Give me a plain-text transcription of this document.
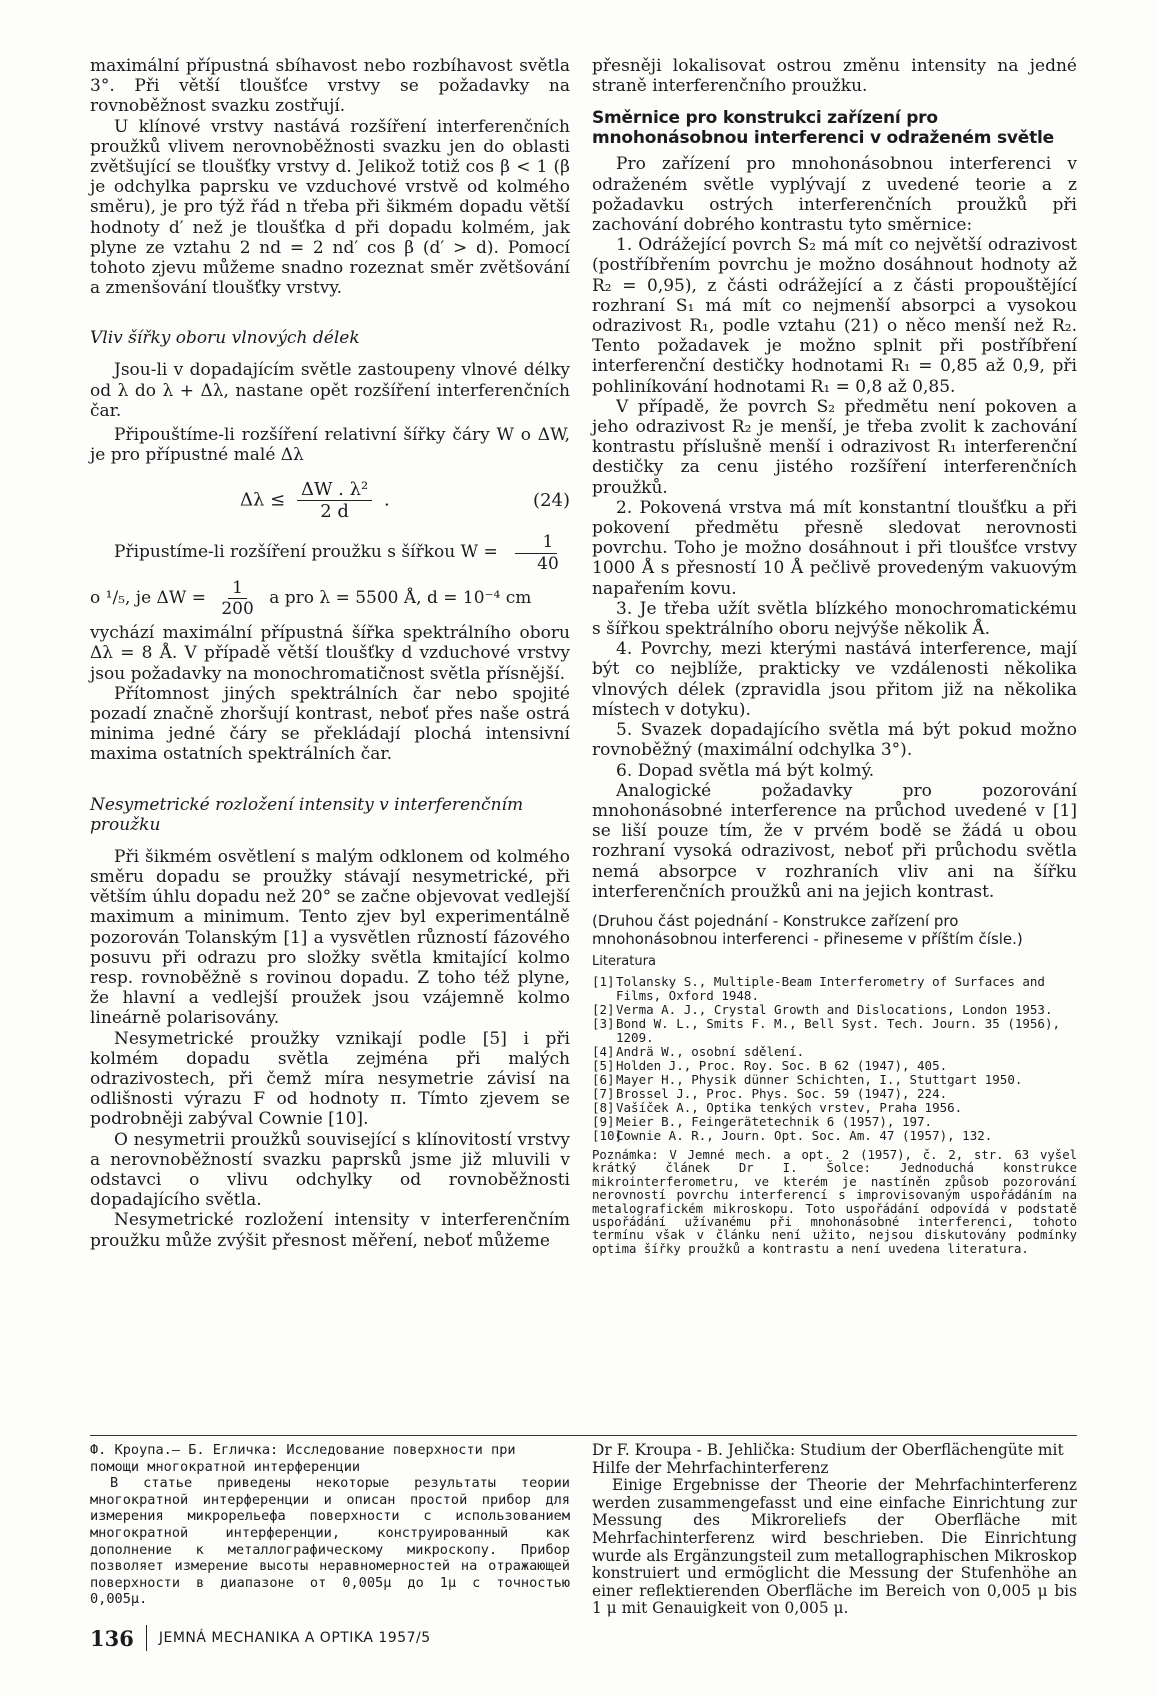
maximální přípustná sbíhavost nebo rozbíhavost světla 3°. Při větší tloušťce vrstvy se požadavky na rovnoběžnost svazku zostřují.

U klínové vrstvy nastává rozšíření interferenčních proužků vlivem nerovnoběžnosti svazku jen do oblasti zvětšující se tloušťky vrstvy d. Jelikož totiž cos β < 1 (β je odchylka paprsku ve vzduchové vrstvě od kolmého směru), je pro týž řád n třeba při šikmém dopadu větší hodnoty d′ než je tloušťka d při dopadu kolmém, jak plyne ze vztahu 2 nd = 2 nd′ cos β (d′ > d). Pomocí tohoto zjevu můžeme snadno rozeznat směr zvětšování a zmenšování tloušťky vrstvy.

Vliv šířky oboru vlnových délek

Jsou-li v dopadajícím světle zastoupeny vlnové délky od λ do λ + Δλ, nastane opět rozšíření interferenčních čar.

Připouštíme-li rozšíření relativní šířky čáry W o ΔW, je pro přípustné malé Δλ

$\Delta\lambda \le \frac{\text{ΔW . λ²}}{2 d}$ .	(24)

Připustíme-li rozšíření proužku s šířkou $W = \frac{1}{40}$

o ¹/₅, je $\Delta W = \frac{1}{200}$ a pro λ = 5500 Å, d = 10⁻⁴ cm

vychází maximální přípustná šířka spektrálního oboru Δλ = 8 Å. V případě větší tloušťky d vzduchové vrstvy jsou požadavky na monochromatičnost světla přísnější.

Přítomnost jiných spektrálních čar nebo spojité pozadí značně zhoršují kontrast, neboť přes naše ostrá minima jedné čáry se překládají plochá intensivní maxima ostatních spektrálních čar.

Nesymetrické rozložení intensity v interferenčním proužku

Při šikmém osvětlení s malým odklonem od kolmého směru dopadu se proužky stávají nesymetrické, při větším úhlu dopadu než 20° se začne objevovat vedlejší maximum a minimum. Tento zjev byl experimentálně pozorován Tolanským [1] a vysvětlen růzností fázového posuvu při odrazu pro složky světla kmitající kolmo resp. rovnoběžně s rovinou dopadu. Z toho též plyne, že hlavní a vedlejší proužek jsou vzájemně kolmo lineárně polarisovány.

Nesymetrické proužky vznikají podle [5] i při kolmém dopadu světla zejména při malých odrazivostech, při čemž míra nesymetrie závisí na odlišnosti výrazu F od hodnoty π. Tímto zjevem se podrobněji zabýval Cownie [10].

O nesymetrii proužků související s klínovitostí vrstvy a nerovnoběžností svazku paprsků jsme již mluvili v odstavci o vlivu odchylky od rovnoběžnosti dopadajícího světla.

Nesymetrické rozložení intensity v interferenčním proužku může zvýšit přesnost měření, neboť můžeme

přesněji lokalisovat ostrou změnu intensity na jedné straně interferenčního proužku.

Směrnice pro konstrukci zařízení pro mnohonásobnou interferenci v odraženém světle

Pro zařízení pro mnohonásobnou interferenci v odraženém světle vyplývají z uvedené teorie a z požadavku ostrých interferenčních proužků při zachování dobrého kontrastu tyto směrnice:

1. Odrážející povrch S₂ má mít co největší odrazivost (postříbřením povrchu je možno dosáhnout hodnoty až R₂ = 0,95), z části odrážející a z části propouštějící rozhraní S₁ má mít co nejmenší absorpci a vysokou odrazivost R₁, podle vztahu (21) o něco menší než R₂. Tento požadavek je možno splnit při postříbření interferenční destičky hodnotami R₁ = 0,85 až 0,9, při pohliníkování hodnotami R₁ = 0,8 až 0,85.

V případě, že povrch S₂ předmětu není pokoven a jeho odrazivost R₂ je menší, je třeba zvolit k zachování kontrastu příslušně menší i odrazivost R₁ interferenční destičky za cenu jistého rozšíření interferenčních proužků.

2. Pokovená vrstva má mít konstantní tloušťku a při pokovení předmětu přesně sledovat nerovnosti povrchu. Toho je možno dosáhnout i při tloušťce vrstvy 1000 Å s přesností 10 Å pečlivě provedeným vakuovým napařením kovu.

3. Je třeba užít světla blízkého monochromatickému s šířkou spektrálního oboru nejvýše několik Å.

4. Povrchy, mezi kterými nastává interference, mají být co nejblíže, prakticky ve vzdálenosti několika vlnových délek (zpravidla jsou přitom již na několika místech v dotyku).

5. Svazek dopadajícího světla má být pokud možno rovnoběžný (maximální odchylka 3°).

6. Dopad světla má být kolmý.

Analogické požadavky pro pozorování mnohonásobné interference na průchod uvedené v [1] se liší pouze tím, že v prvém bodě se žádá u obou rozhraní vysoká odrazivost, neboť při průchodu světla nemá absorpce v rozhraních vliv ani na šířku interferenčních proužků ani na jejich kontrast.

(Druhou část pojednání - Konstrukce zařízení pro mnohonásobnou interferenci - přineseme v příštím čísle.)

Literatura
[1] Tolansky S., Multiple-Beam Interferometry of Surfaces and Films, Oxford 1948.
[2] Verma A. J., Crystal Growth and Dislocations, London 1953.
[3] Bond W. L., Smits F. M., Bell Syst. Tech. Journ. 35 (1956), 1209.
[4] Andrä W., osobní sdělení.
[5] Holden J., Proc. Roy. Soc. B 62 (1947), 405.
[6] Mayer H., Physik dünner Schichten, I., Stuttgart 1950.
[7] Brossel J., Proc. Phys. Soc. 59 (1947), 224.
[8] Vašíček A., Optika tenkých vrstev, Praha 1956.
[9] Meier B., Feingerätetechnik 6 (1957), 197.
[10]
Cownie A. R., Journ. Opt. Soc. Am. 47 (1957), 132.

Poznámka: V Jemné mech. a opt. 2 (1957), č. 2, str. 63 vyšel krátký článek Dr I. Šolce: Jednoduchá konstrukce mikrointerferometru, ve kterém je nastíněn způsob pozorování nerovností povrchu interferencí s improvisovaným uspořádáním na metalografickém mikroskopu. Toto uspořádání odpovídá v podstatě uspořádání užívanému při mnohonásobné interferenci, tohoto termínu však v článku není užito, nejsou diskutovány podmínky optima šířky proužků a kontrastu a není uvedena literatura.

Ф. Кроупа.— Б. Егличка: Исследование поверхности при помощи многократной интерференции
В статье приведены некоторые результаты теории многократной интерференции и описан простой прибор для измерения микрорельефа поверхности с использованием многократной интерференции, конструированный как дополнение к металлографическому микроскопу. Прибор позволяет измерение высоты неравномерностей на отражающей поверхности в диапазоне от 0,005μ до 1μ с точностью 0,005μ.
Dr F. Kroupa - B. Jehlička: Studium der Oberflächengüte mit Hilfe der Mehrfachinterferenz
Einige Ergebnisse der Theorie der Mehrfachinterferenz werden zusammengefasst und eine einfache Einrichtung zur Messung des Mikroreliefs der Oberfläche mit Mehrfachinterferenz wird beschrieben. Die Einrichtung wurde als Ergänzungsteil zum metallographischen Mikroskop konstruiert und ermöglicht die Messung der Stufenhöhe an einer reflektierenden Oberfläche im Bereich von 0,005 μ bis 1 μ mit Genauigkeit von 0,005 μ.
136 JEMNÁ MECHANIKA A OPTIKA 1957/5
